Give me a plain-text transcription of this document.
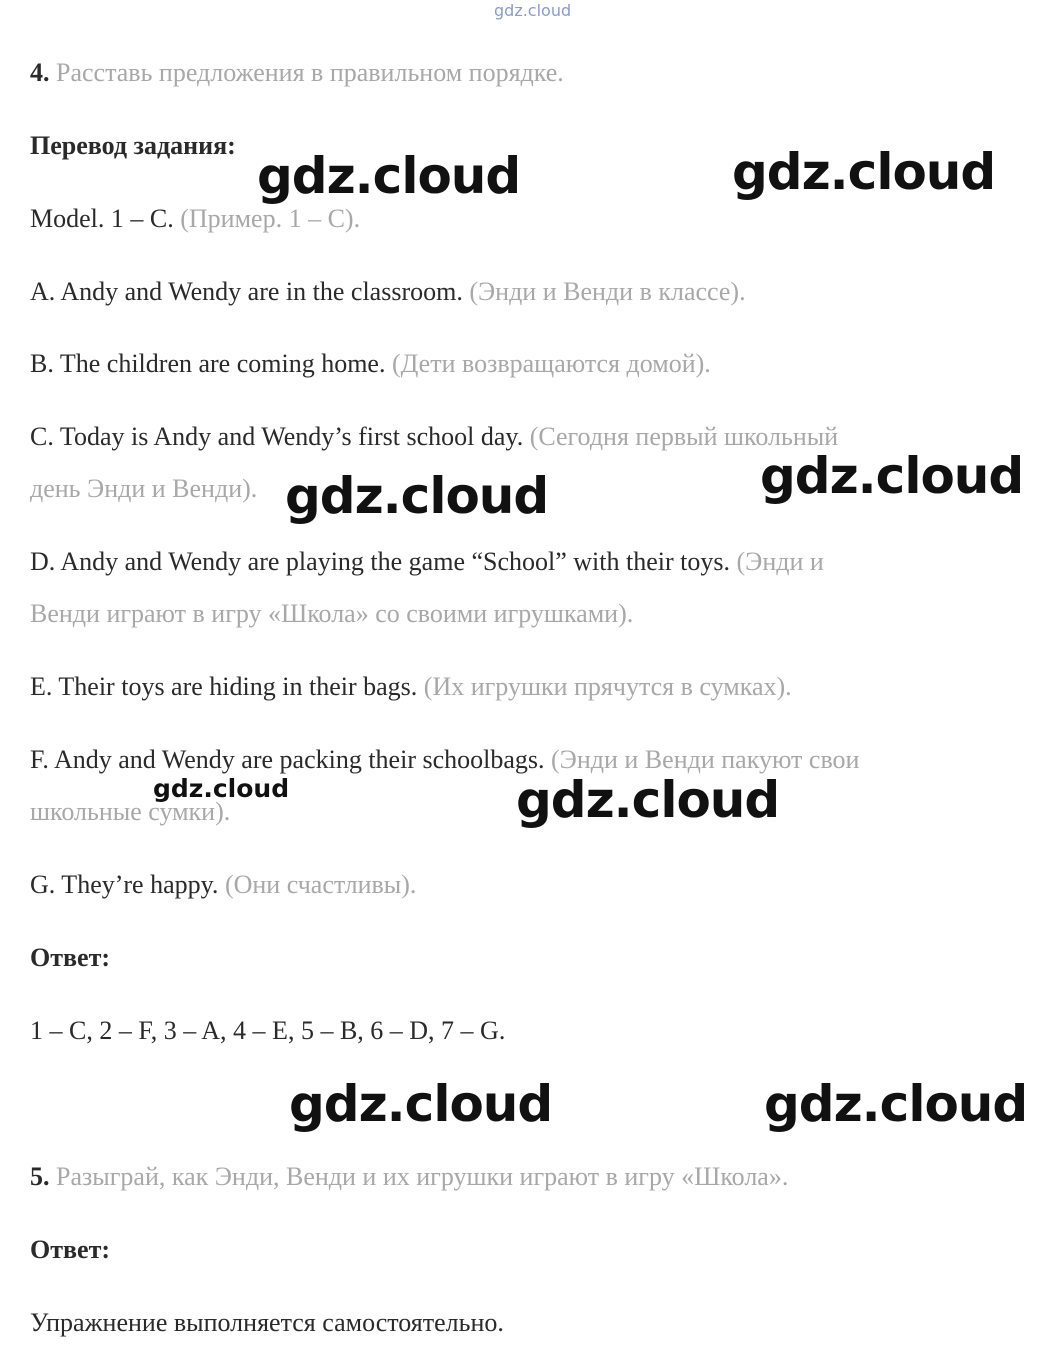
gdz.cloud

4. Расставь предложения в правильном порядке.

Перевод задания:

Model. 1 – C. (Пример. 1 – C).

A. Andy and Wendy are in the classroom. (Энди и Венди в классе).

B. The children are coming home. (Дети возвращаются домой).

C. Today is Andy and Wendy’s first school day. (Сегодня первый школьный

день Энди и Венди).

D. Andy and Wendy are playing the game “School” with their toys. (Энди и

Венди играют в игру «Школа» со своими игрушками).

E. Their toys are hiding in their bags. (Их игрушки прячутся в сумках).

F. Andy and Wendy are packing their schoolbags. (Энди и Венди пакуют свои

школьные сумки).

G. They’re happy. (Они счастливы).

Ответ:

1 – C, 2 – F, 3 – A, 4 – E, 5 – B, 6 – D, 7 – G.

5. Разыграй, как Энди, Венди и их игрушки играют в игру «Школа».

Ответ:

Упражнение выполняется самостоятельно.

gdz.cloud	gdz.cloud
gdz.cloud	gdz.cloud
gdz.cloud	gdz.cloud
gdz.cloud	gdz.cloud
